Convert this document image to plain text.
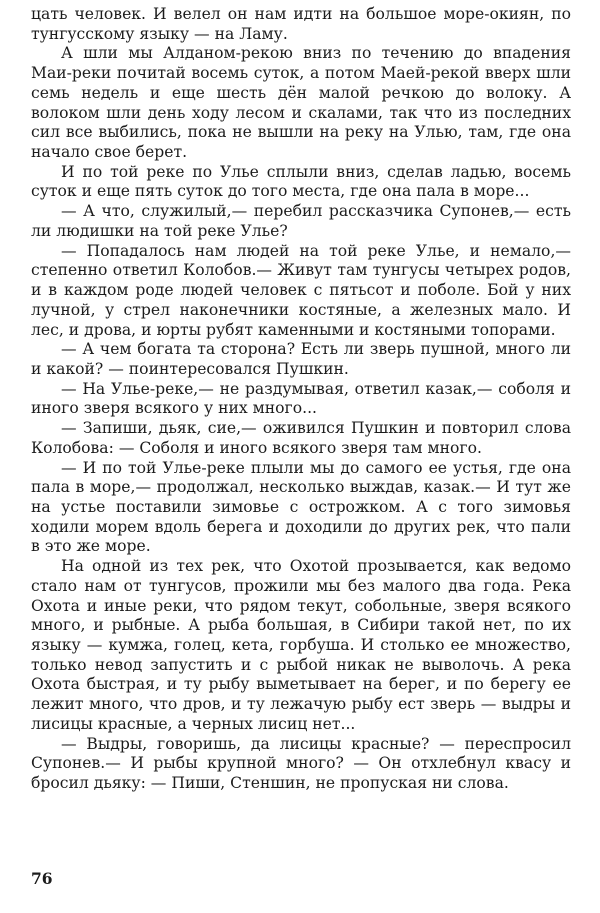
цать человек. И велел он нам идти на большое море-окиян, по тунгусскому языку — на Ламу.

А шли мы Алданом-рекою вниз по течению до впадения Маи-реки почитай восемь суток, а потом Маей-рекой вверх шли семь недель и еще шесть дён малой речкою до волоку. А волоком шли день ходу лесом и скалами, так что из последних сил все выбились, пока не вышли на реку на Улью, там, где она начало свое берет.

И по той реке по Улье сплыли вниз, сделав ладью, восемь суток и еще пять суток до того места, где она пала в море...

— А что, служилый,— перебил рассказчика Супонев,— есть ли людишки на той реке Улье?

— Попадалось нам людей на той реке Улье, и немало,— степенно ответил Колобов.— Живут там тунгусы четырех родов, и в каждом роде людей человек с пятьсот и поболе. Бой у них лучной, у стрел наконечники костяные, а железных мало. И лес, и дрова, и юрты рубят каменными и костяными топорами.

— А чем богата та сторона? Есть ли зверь пушной, много ли и какой? — поинтересовался Пушкин.

— На Улье-реке,— не раздумывая, ответил казак,— соболя и иного зверя всякого у них много...

— Запиши, дьяк, сие,— оживился Пушкин и повторил слова Колобова: — Соболя и иного всякого зверя там много.

— И по той Улье-реке плыли мы до самого ее устья, где она пала в море,— продолжал, несколько выждав, казак.— И тут же на устье поставили зимовье с острожком. А с того зимовья ходили морем вдоль берега и доходили до других рек, что пали в это же море.

На одной из тех рек, что Охотой прозывается, как ведомо стало нам от тунгусов, прожили мы без малого два года. Река Охота и иные реки, что рядом текут, собольные, зверя всякого много, и рыбные. А рыба большая, в Сибири такой нет, по их языку — кумжа, голец, кета, горбуша. И столько ее множество, только невод запустить и с рыбой никак не выволочь. А река Охота быстрая, и ту рыбу выметывает на берег, и по берегу ее лежит много, что дров, и ту лежачую рыбу ест зверь — выдры и лисицы красные, а черных лисиц нет...

— Выдры, говоришь, да лисицы красные? — переспросил Супонев.— И рыбы крупной много? — Он отхлебнул квасу и бросил дьяку: — Пиши, Стеншин, не пропуская ни слова.

76
